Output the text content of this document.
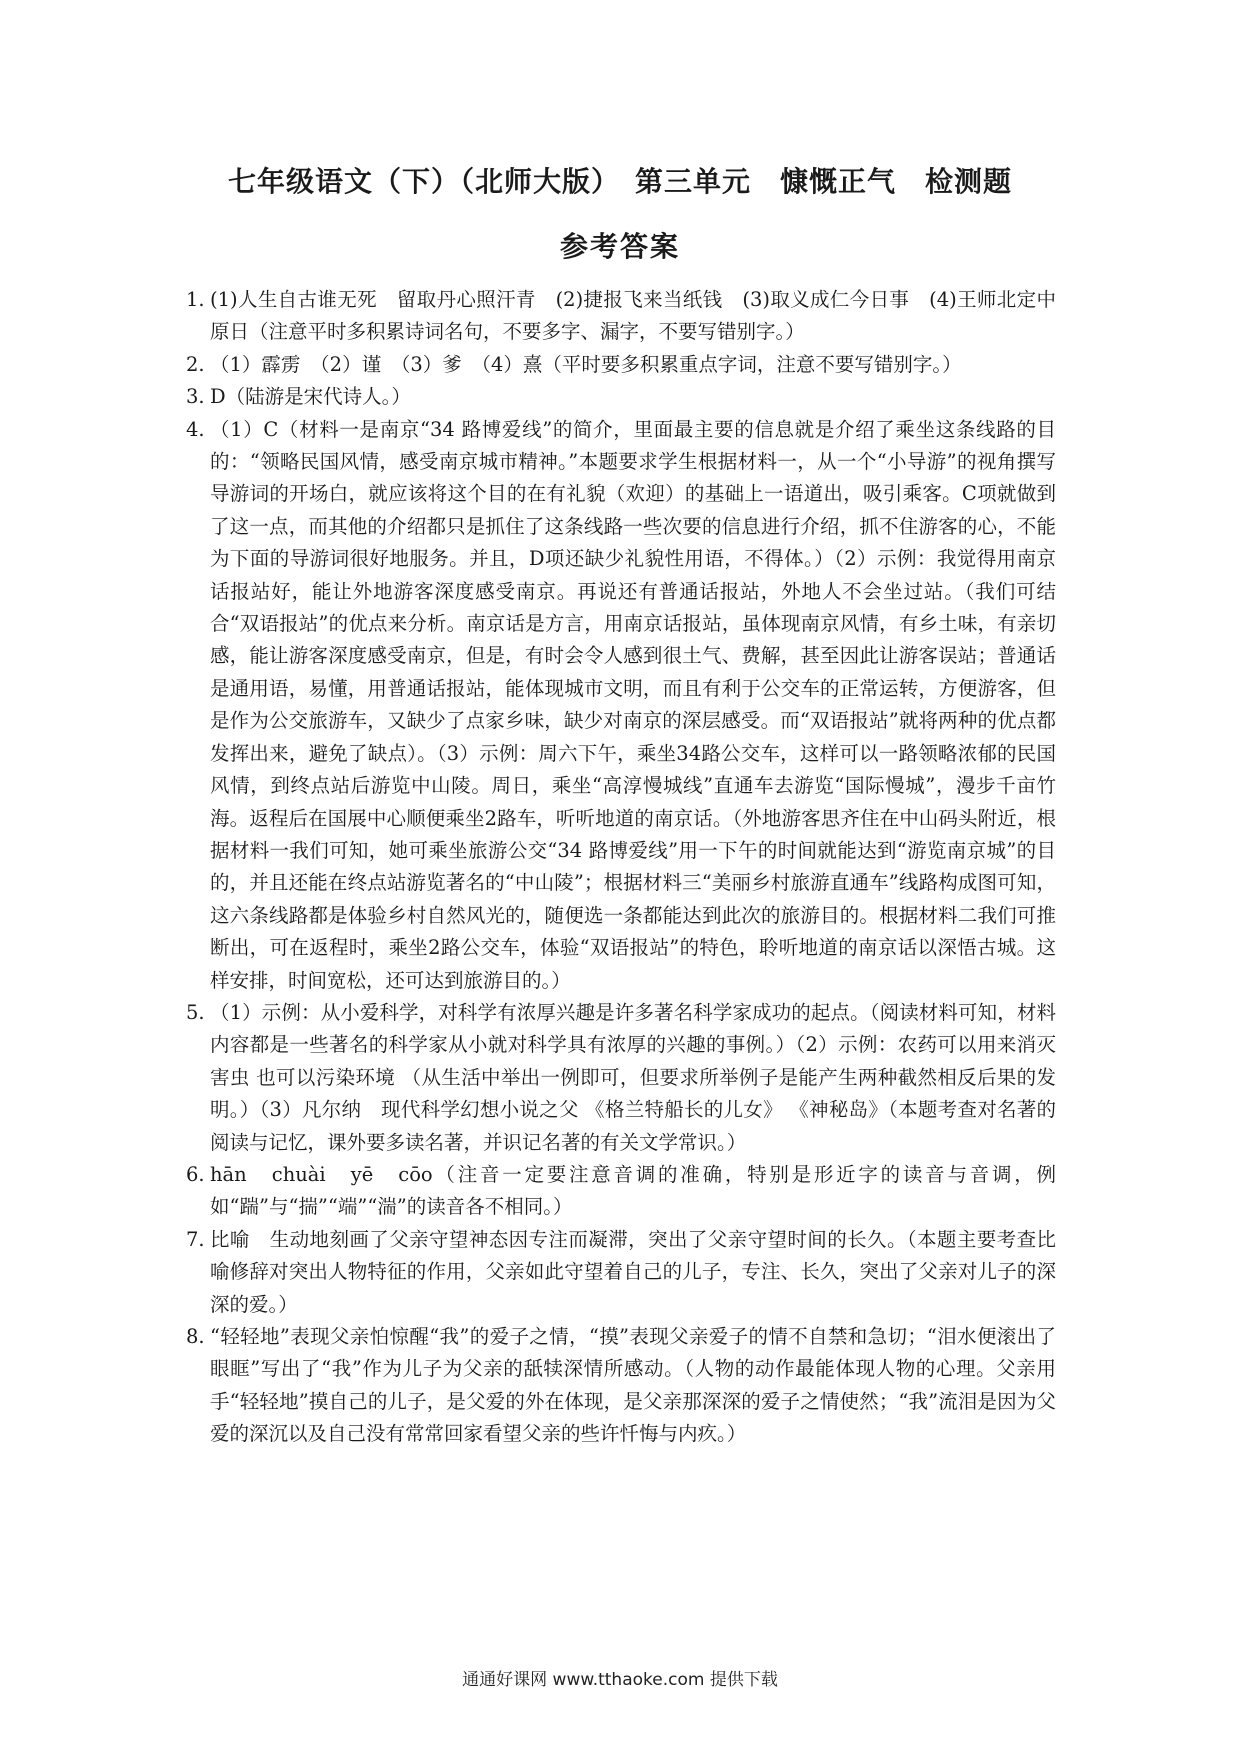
七年级语文（下）（北师大版）　第三单元　慷慨正气　检测题
参考答案
1. (1)人生自古谁无死　留取丹心照汗青　(2)捷报飞来当纸钱　(3)取义成仁今日事　(4)王师北定中原日（注意平时多积累诗词名句，不要多字、漏字，不要写错别字。）
2. （1）霹雳　（2）谨　（3）爹　（4）熹（平时要多积累重点字词，注意不要写错别字。）
3. D（陆游是宋代诗人。）
4. （1）C（材料一是南京“34 路博爱线”的简介，里面最主要的信息就是介绍了乘坐这条线路的目的：“领略民国风情，感受南京城市精神。”本题要求学生根据材料一，从一个“小导游”的视角撰写导游词的开场白，就应该将这个目的在有礼貌（欢迎）的基础上一语道出，吸引乘客。C项就做到了这一点，而其他的介绍都只是抓住了这条线路一些次要的信息进行介绍，抓不住游客的心，不能为下面的导游词很好地服务。并且，D项还缺少礼貌性用语，不得体。）（2）示例：我觉得用南京话报站好，能让外地游客深度感受南京。再说还有普通话报站，外地人不会坐过站。（我们可结合“双语报站”的优点来分析。南京话是方言，用南京话报站，虽体现南京风情，有乡土味，有亲切感，能让游客深度感受南京，但是，有时会令人感到很土气、费解，甚至因此让游客误站；普通话是通用语，易懂，用普通话报站，能体现城市文明，而且有利于公交车的正常运转，方便游客，但是作为公交旅游车，又缺少了点家乡味，缺少对南京的深层感受。而“双语报站”就将两种的优点都发挥出来，避免了缺点）。（3）示例：周六下午，乘坐34路公交车，这样可以一路领略浓郁的民国风情，到终点站后游览中山陵。周日，乘坐“高淳慢城线”直通车去游览“国际慢城”，漫步千亩竹海。返程后在国展中心顺便乘坐2路车，听听地道的南京话。（外地游客思齐住在中山码头附近，根据材料一我们可知，她可乘坐旅游公交“34 路博爱线”用一下午的时间就能达到“游览南京城”的目的，并且还能在终点站游览著名的“中山陵”；根据材料三“美丽乡村旅游直通车”线路构成图可知，这六条线路都是体验乡村自然风光的，随便选一条都能达到此次的旅游目的。根据材料二我们可推断出，可在返程时，乘坐2路公交车，体验“双语报站”的特色，聆听地道的南京话以深悟古城。这样安排，时间宽松，还可达到旅游目的。）
5. （1）示例：从小爱科学，对科学有浓厚兴趣是许多著名科学家成功的起点。（阅读材料可知，材料内容都是一些著名的科学家从小就对科学具有浓厚的兴趣的事例。）（2）示例：农药可以用来消灭害虫 也可以污染环境 （从生活中举出一例即可，但要求所举例子是能产生两种截然相反后果的发明。）（3）凡尔纳　现代科学幻想小说之父 《格兰特船长的儿女》 《神秘岛》（本题考查对名著的阅读与记忆，课外要多读名著，并识记名著的有关文学常识。）
6. hān　chuài　yē　cōo（注音一定要注意音调的准确，特别是形近字的读音与音调，例如“踹”与“揣”“端”“湍”的读音各不相同。）
7. 比喻　生动地刻画了父亲守望神态因专注而凝滞，突出了父亲守望时间的长久。（本题主要考查比喻修辞对突出人物特征的作用，父亲如此守望着自己的儿子，专注、长久，突出了父亲对儿子的深深的爱。）
8. “轻轻地”表现父亲怕惊醒“我”的爱子之情，“摸”表现父亲爱子的情不自禁和急切；“泪水便滚出了眼眶”写出了“我”作为儿子为父亲的舐犊深情所感动。（人物的动作最能体现人物的心理。父亲用手“轻轻地”摸自己的儿子，是父爱的外在体现，是父亲那深深的爱子之情使然；“我”流泪是因为父爱的深沉以及自己没有常常回家看望父亲的些许忏悔与内疚。）
通通好课网 www.tthaoke.com 提供下载
